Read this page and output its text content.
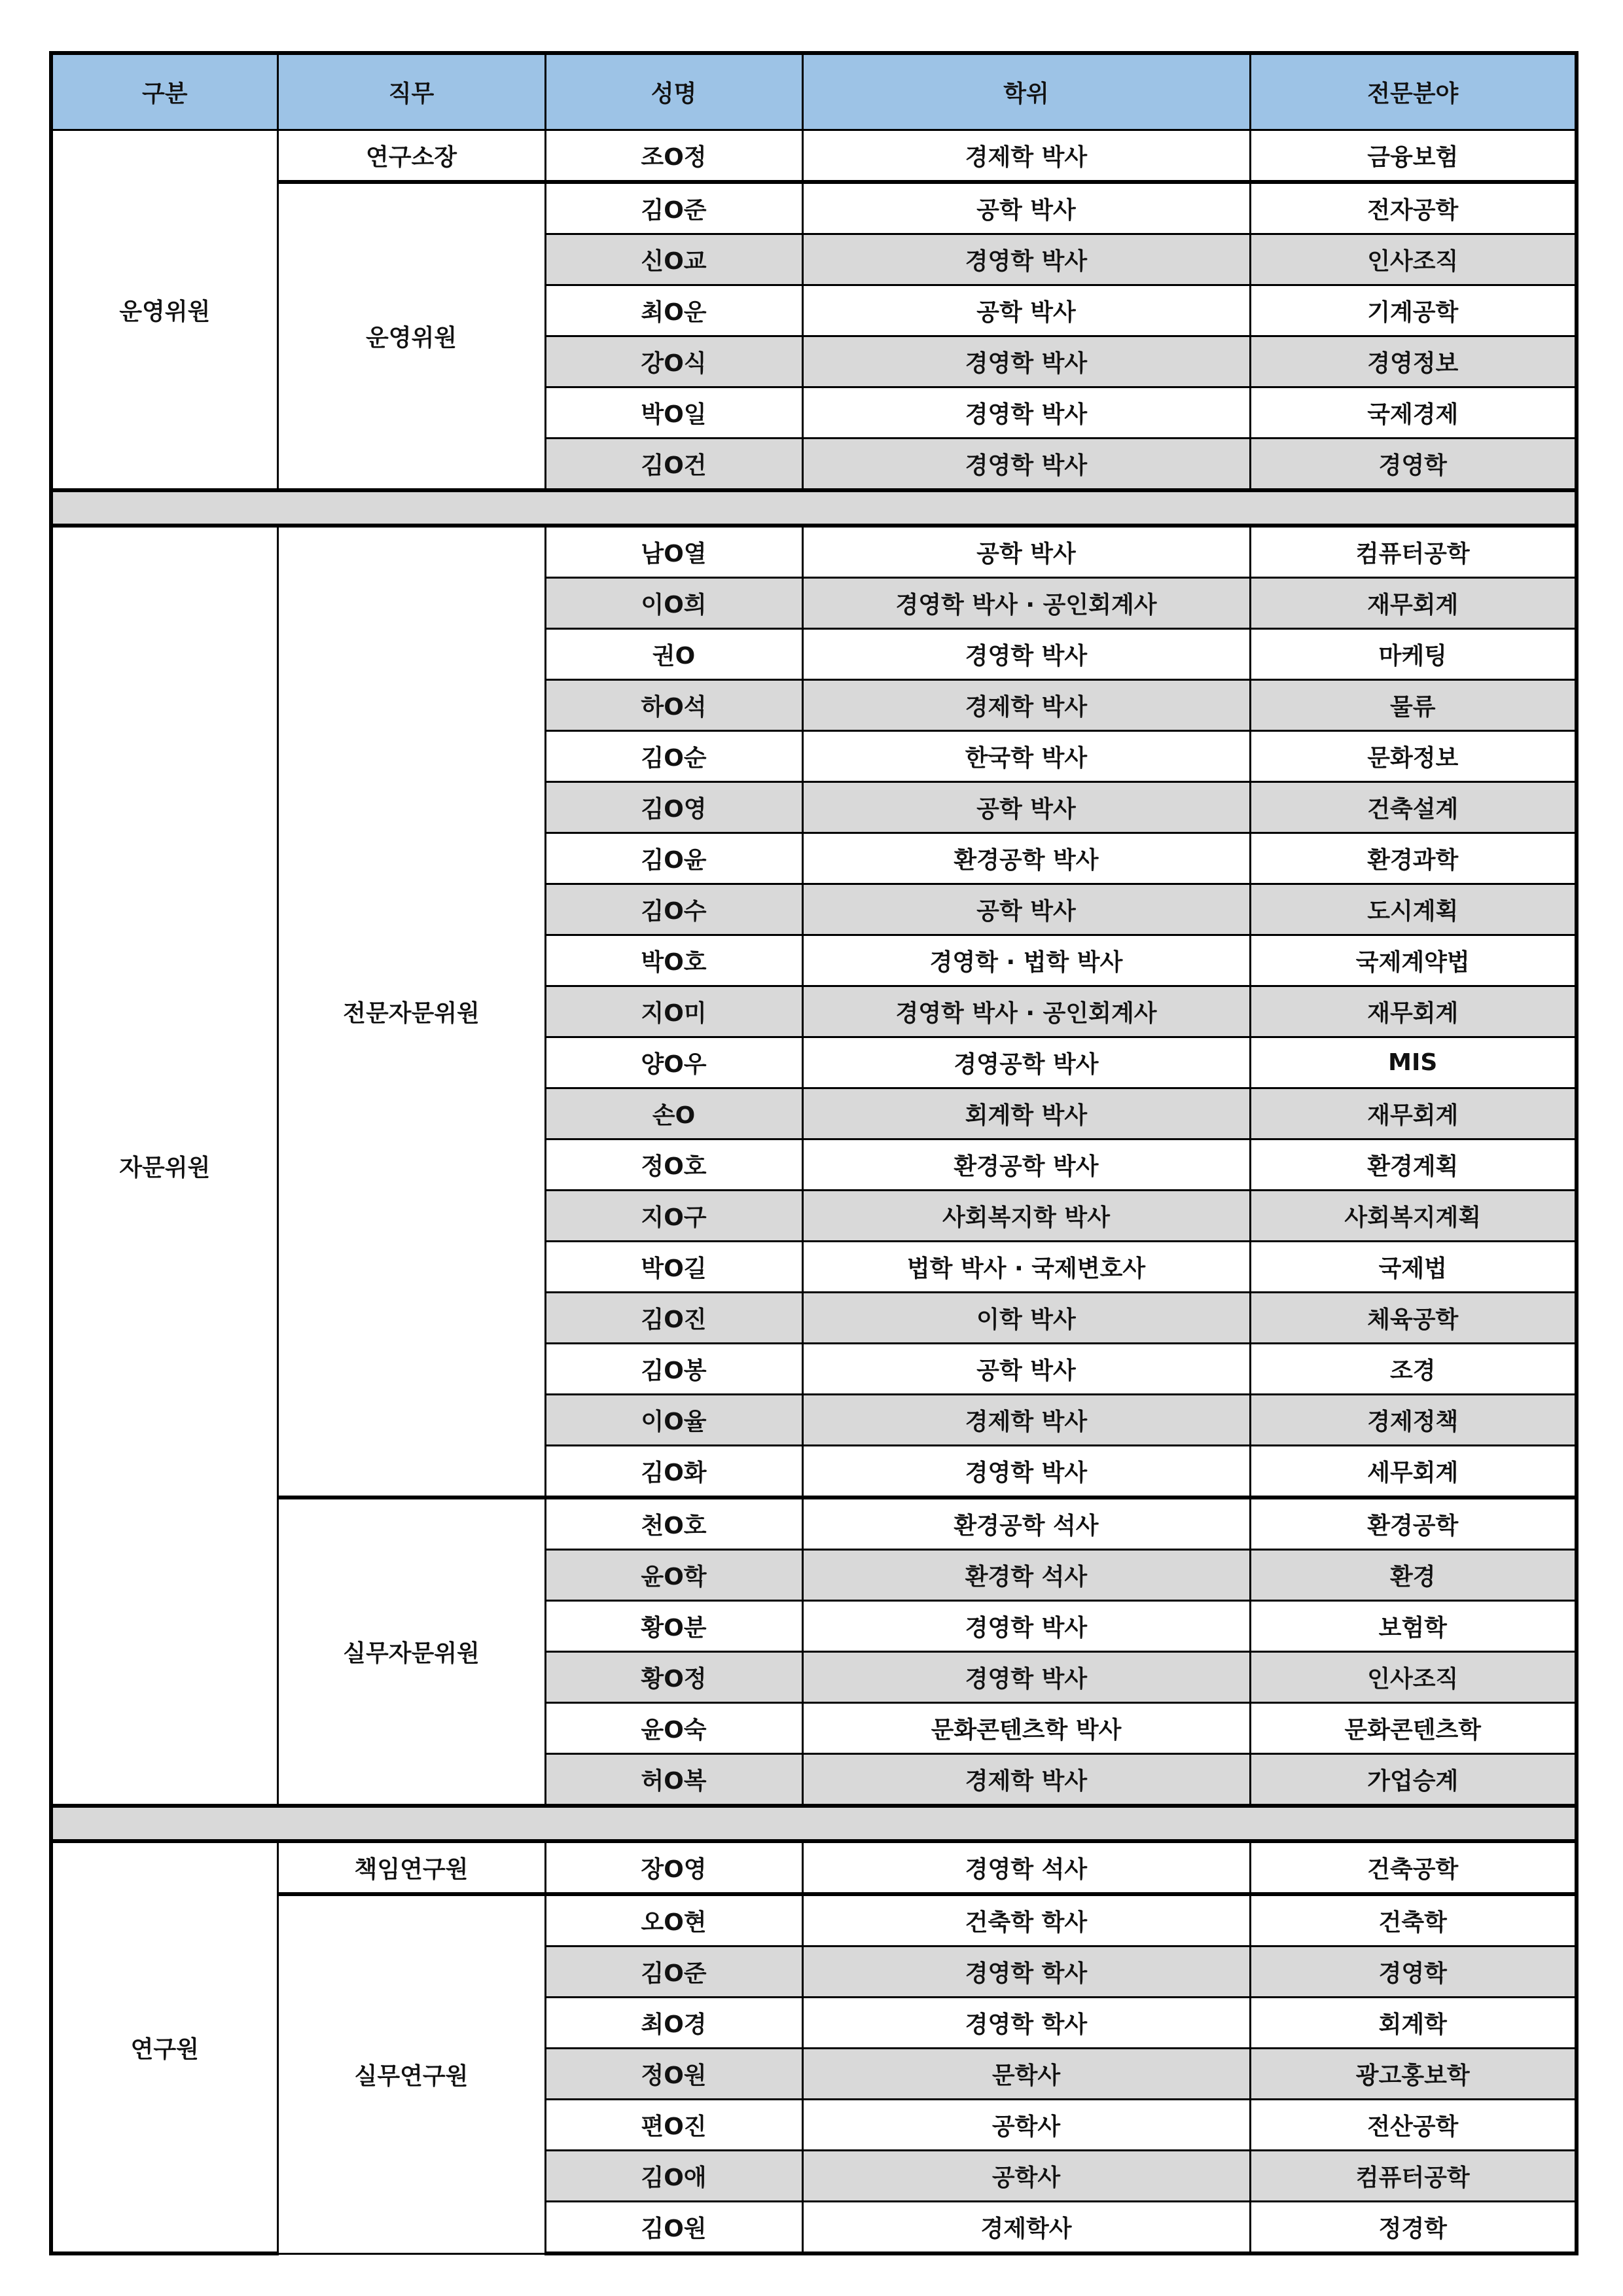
구분	직무	성명	학위	전문분야
운영위원	연구소장	조O정	경제학 박사	금융보험
	운영위원	김O준	공학 박사	전자공학
		신O교	경영학 박사	인사조직
		최O운	공학 박사	기계공학
		강O식	경영학 박사	경영정보
		박O일	경영학 박사	국제경제
		김O건	경영학 박사	경영학

자문위원	전문자문위원	남O열	공학 박사	컴퓨터공학
		이O희	경영학 박사 · 공인회계사	재무회계
		권O	경영학 박사	마케팅
		하O석	경제학 박사	물류
		김O순	한국학 박사	문화정보
		김O영	공학 박사	건축설계
		김O윤	환경공학 박사	환경과학
		김O수	공학 박사	도시계획
		박O호	경영학 · 법학 박사	국제계약법
		지O미	경영학 박사 · 공인회계사	재무회계
		양O우	경영공학 박사	MIS
		손O	회계학 박사	재무회계
		정O호	환경공학 박사	환경계획
		지O구	사회복지학 박사	사회복지계획
		박O길	법학 박사 · 국제변호사	국제법
		김O진	이학 박사	체육공학
		김O봉	공학 박사	조경
		이O율	경제학 박사	경제정책
		김O화	경영학 박사	세무회계
	실무자문위원	천O호	환경공학 석사	환경공학
		윤O학	환경학 석사	환경
		황O분	경영학 박사	보험학
		황O정	경영학 박사	인사조직
		윤O숙	문화콘텐츠학 박사	문화콘텐츠학
		허O복	경제학 박사	가업승계

연구원	책임연구원	장O영	경영학 석사	건축공학
	실무연구원	오O현	건축학 학사	건축학
		김O준	경영학 학사	경영학
		최O경	경영학 학사	회계학
		정O원	문학사	광고홍보학
		편O진	공학사	전산공학
		김O애	공학사	컴퓨터공학
		김O원	경제학사	정경학
